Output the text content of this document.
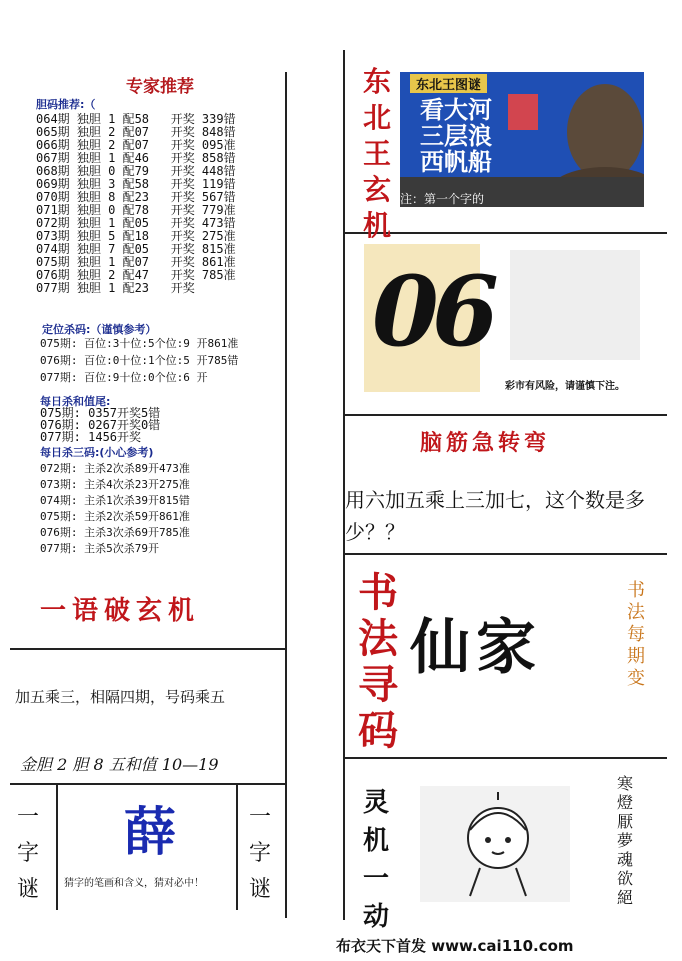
专家推荐
胆码推荐:（
064期 独胆 1 配58   开奖 339错
065期 独胆 2 配07   开奖 848错
066期 独胆 2 配07   开奖 095准
067期 独胆 1 配46   开奖 858错
068期 独胆 0 配79   开奖 448错
069期 独胆 3 配58   开奖 119错
070期 独胆 8 配23   开奖 567错
071期 独胆 0 配78   开奖 779准
072期 独胆 1 配05   开奖 473错
073期 独胆 5 配18   开奖 275准
074期 独胆 7 配05   开奖 815准
075期 独胆 1 配07   开奖 861准
076期 独胆 2 配47   开奖 785准
077期 独胆 1 配23   开奖
定位杀码:（谨慎参考）
075期: 百位:3十位:5个位:9 开861准
076期: 百位:0十位:1个位:5 开785错
077期: 百位:9十位:0个位:6 开
每日杀和值尾:
075期: 0357开奖5错
076期: 0267开奖0错
077期: 1456开奖
每日杀三码:(小心参考)
072期: 主杀2次杀89开473准
073期: 主杀4次杀23开275准
074期: 主杀1次杀39开815错
075期: 主杀2次杀59开861准
076期: 主杀3次杀69开785准
077期: 主杀5次杀79开
一语破玄机
加五乘三，相隔四期，号码乘五
金胆 2 胆 8 五和值 10—19
一
字
谜
薛
猜字的笔画和含义，猜对必中！
一
字
谜
东
北
王
玄
机
东北王图谜
看大河
三层浪
西帆船
注：第一个字的
0
6
彩市有风险，请谨慎下注。
脑筋急转弯
用六加五乘上三加七，这个数是多少？？
书
法
寻
码
仙家
书
法
每
期
变
灵
机
一
动
寒
燈
厭
夢
魂
欲
絕
布衣天下首发 www.cai110.com
